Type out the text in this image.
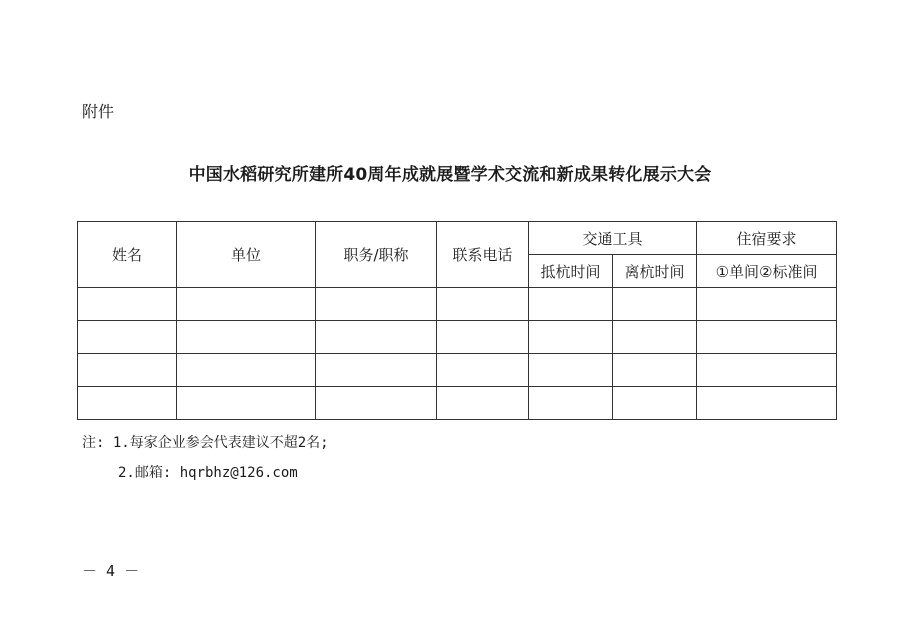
附件
中国水稻研究所建所40周年成就展暨学术交流和新成果转化展示大会
姓名	单位	职务/职称	联系电话	交通工具		住宿要求
				抵杭时间	离杭时间	①单间②标准间

注: 1.每家企业参会代表建议不超2名;
2.邮箱: hqrbhz@126.com
－ 4 －
